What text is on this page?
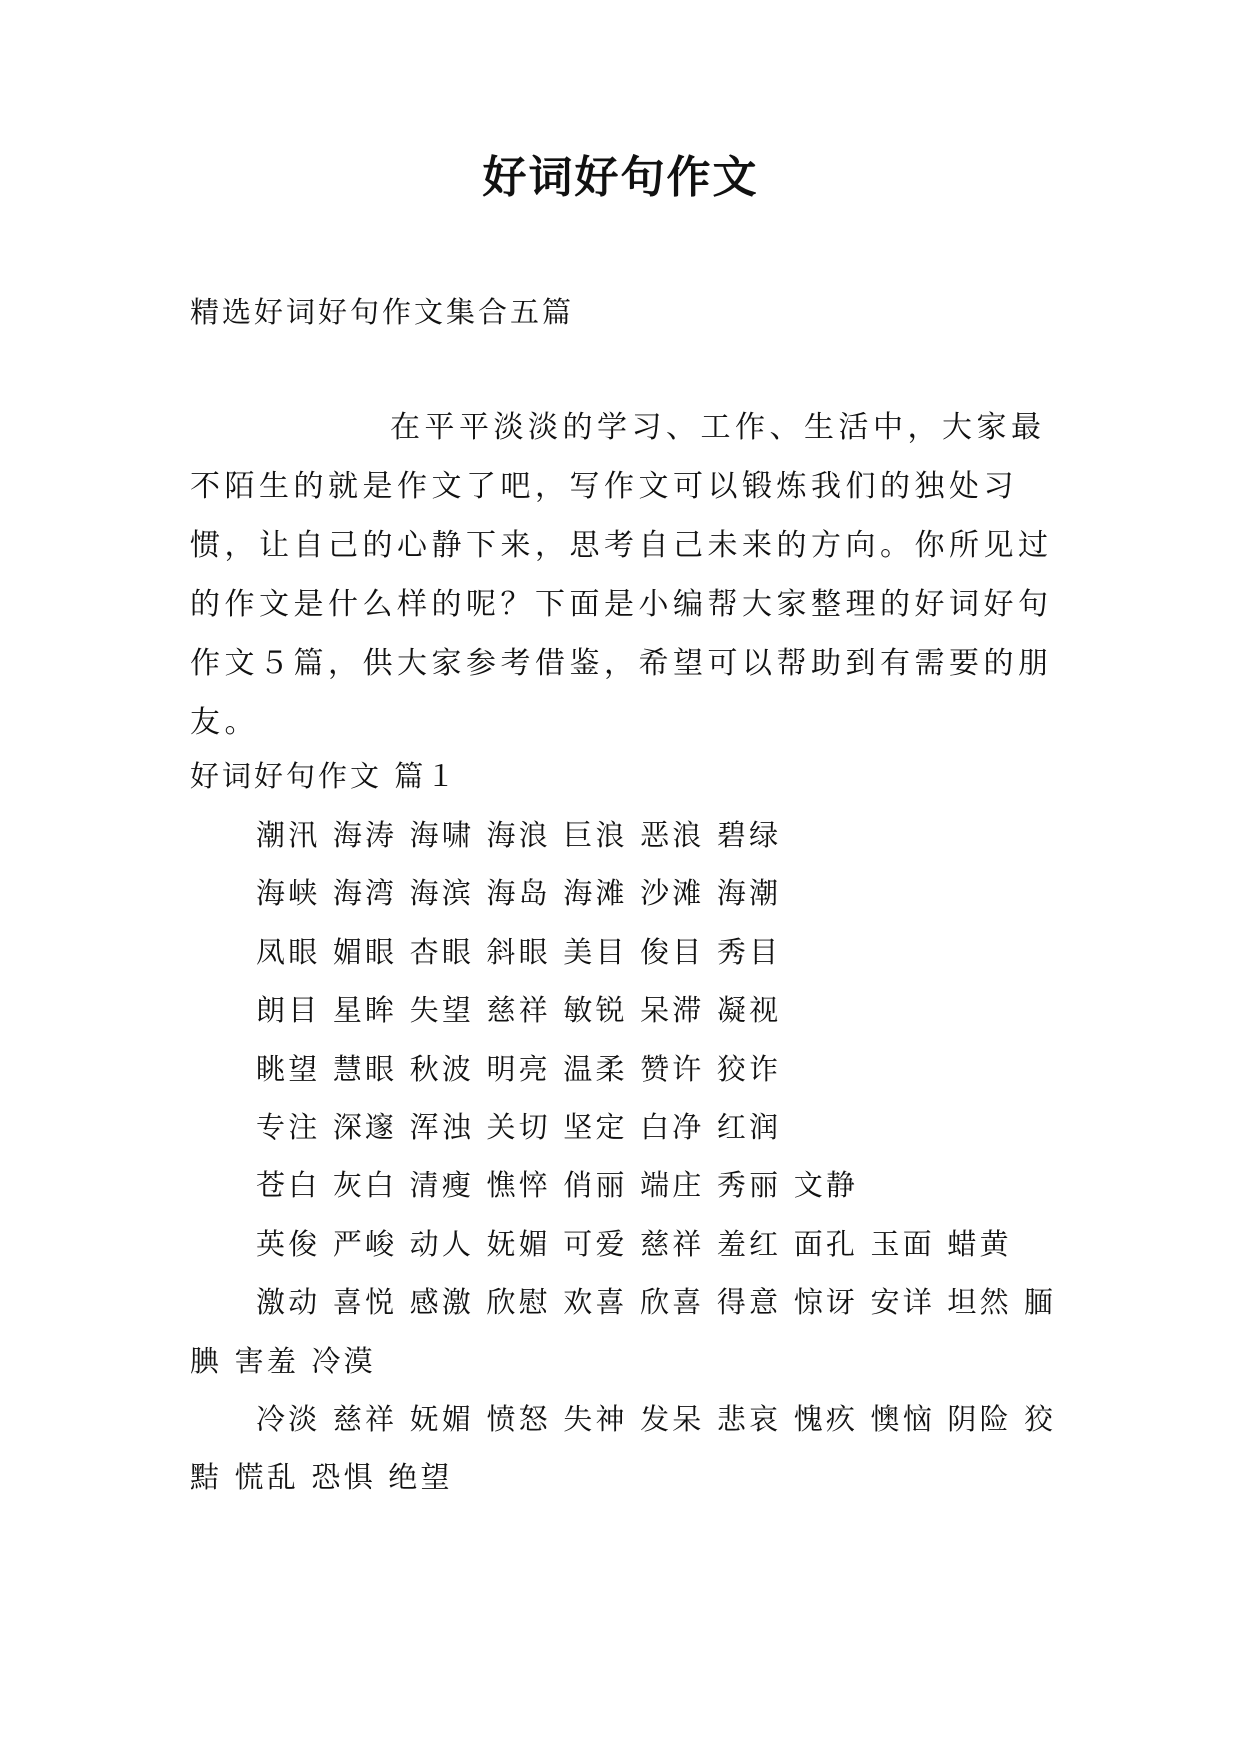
好词好句作文
精选好词好句作文集合五篇
在平平淡淡的学习、工作、生活中，大家最不陌生的就是作文了吧，写作文可以锻炼我们的独处习惯，让自己的心静下来，思考自己未来的方向。你所见过的作文是什么样的呢？下面是小编帮大家整理的好词好句作文５篇，供大家参考借鉴，希望可以帮助到有需要的朋友。
好词好句作文 篇１
潮汛 海涛 海啸 海浪 巨浪 恶浪 碧绿
海峡 海湾 海滨 海岛 海滩 沙滩 海潮
凤眼 媚眼 杏眼 斜眼 美目 俊目 秀目
朗目 星眸 失望 慈祥 敏锐 呆滞 凝视
眺望 慧眼 秋波 明亮 温柔 赞许 狡诈
专注 深邃 浑浊 关切 坚定 白净 红润
苍白 灰白 清瘦 憔悴 俏丽 端庄 秀丽 文静
英俊 严峻 动人 妩媚 可爱 慈祥 羞红 面孔 玉面 蜡黄
激动 喜悦 感激 欣慰 欢喜 欣喜 得意 惊讶 安详 坦然 腼腆 害羞 冷漠
冷淡 慈祥 妩媚 愤怒 失神 发呆 悲哀 愧疚 懊恼 阴险 狡黠 慌乱 恐惧 绝望
